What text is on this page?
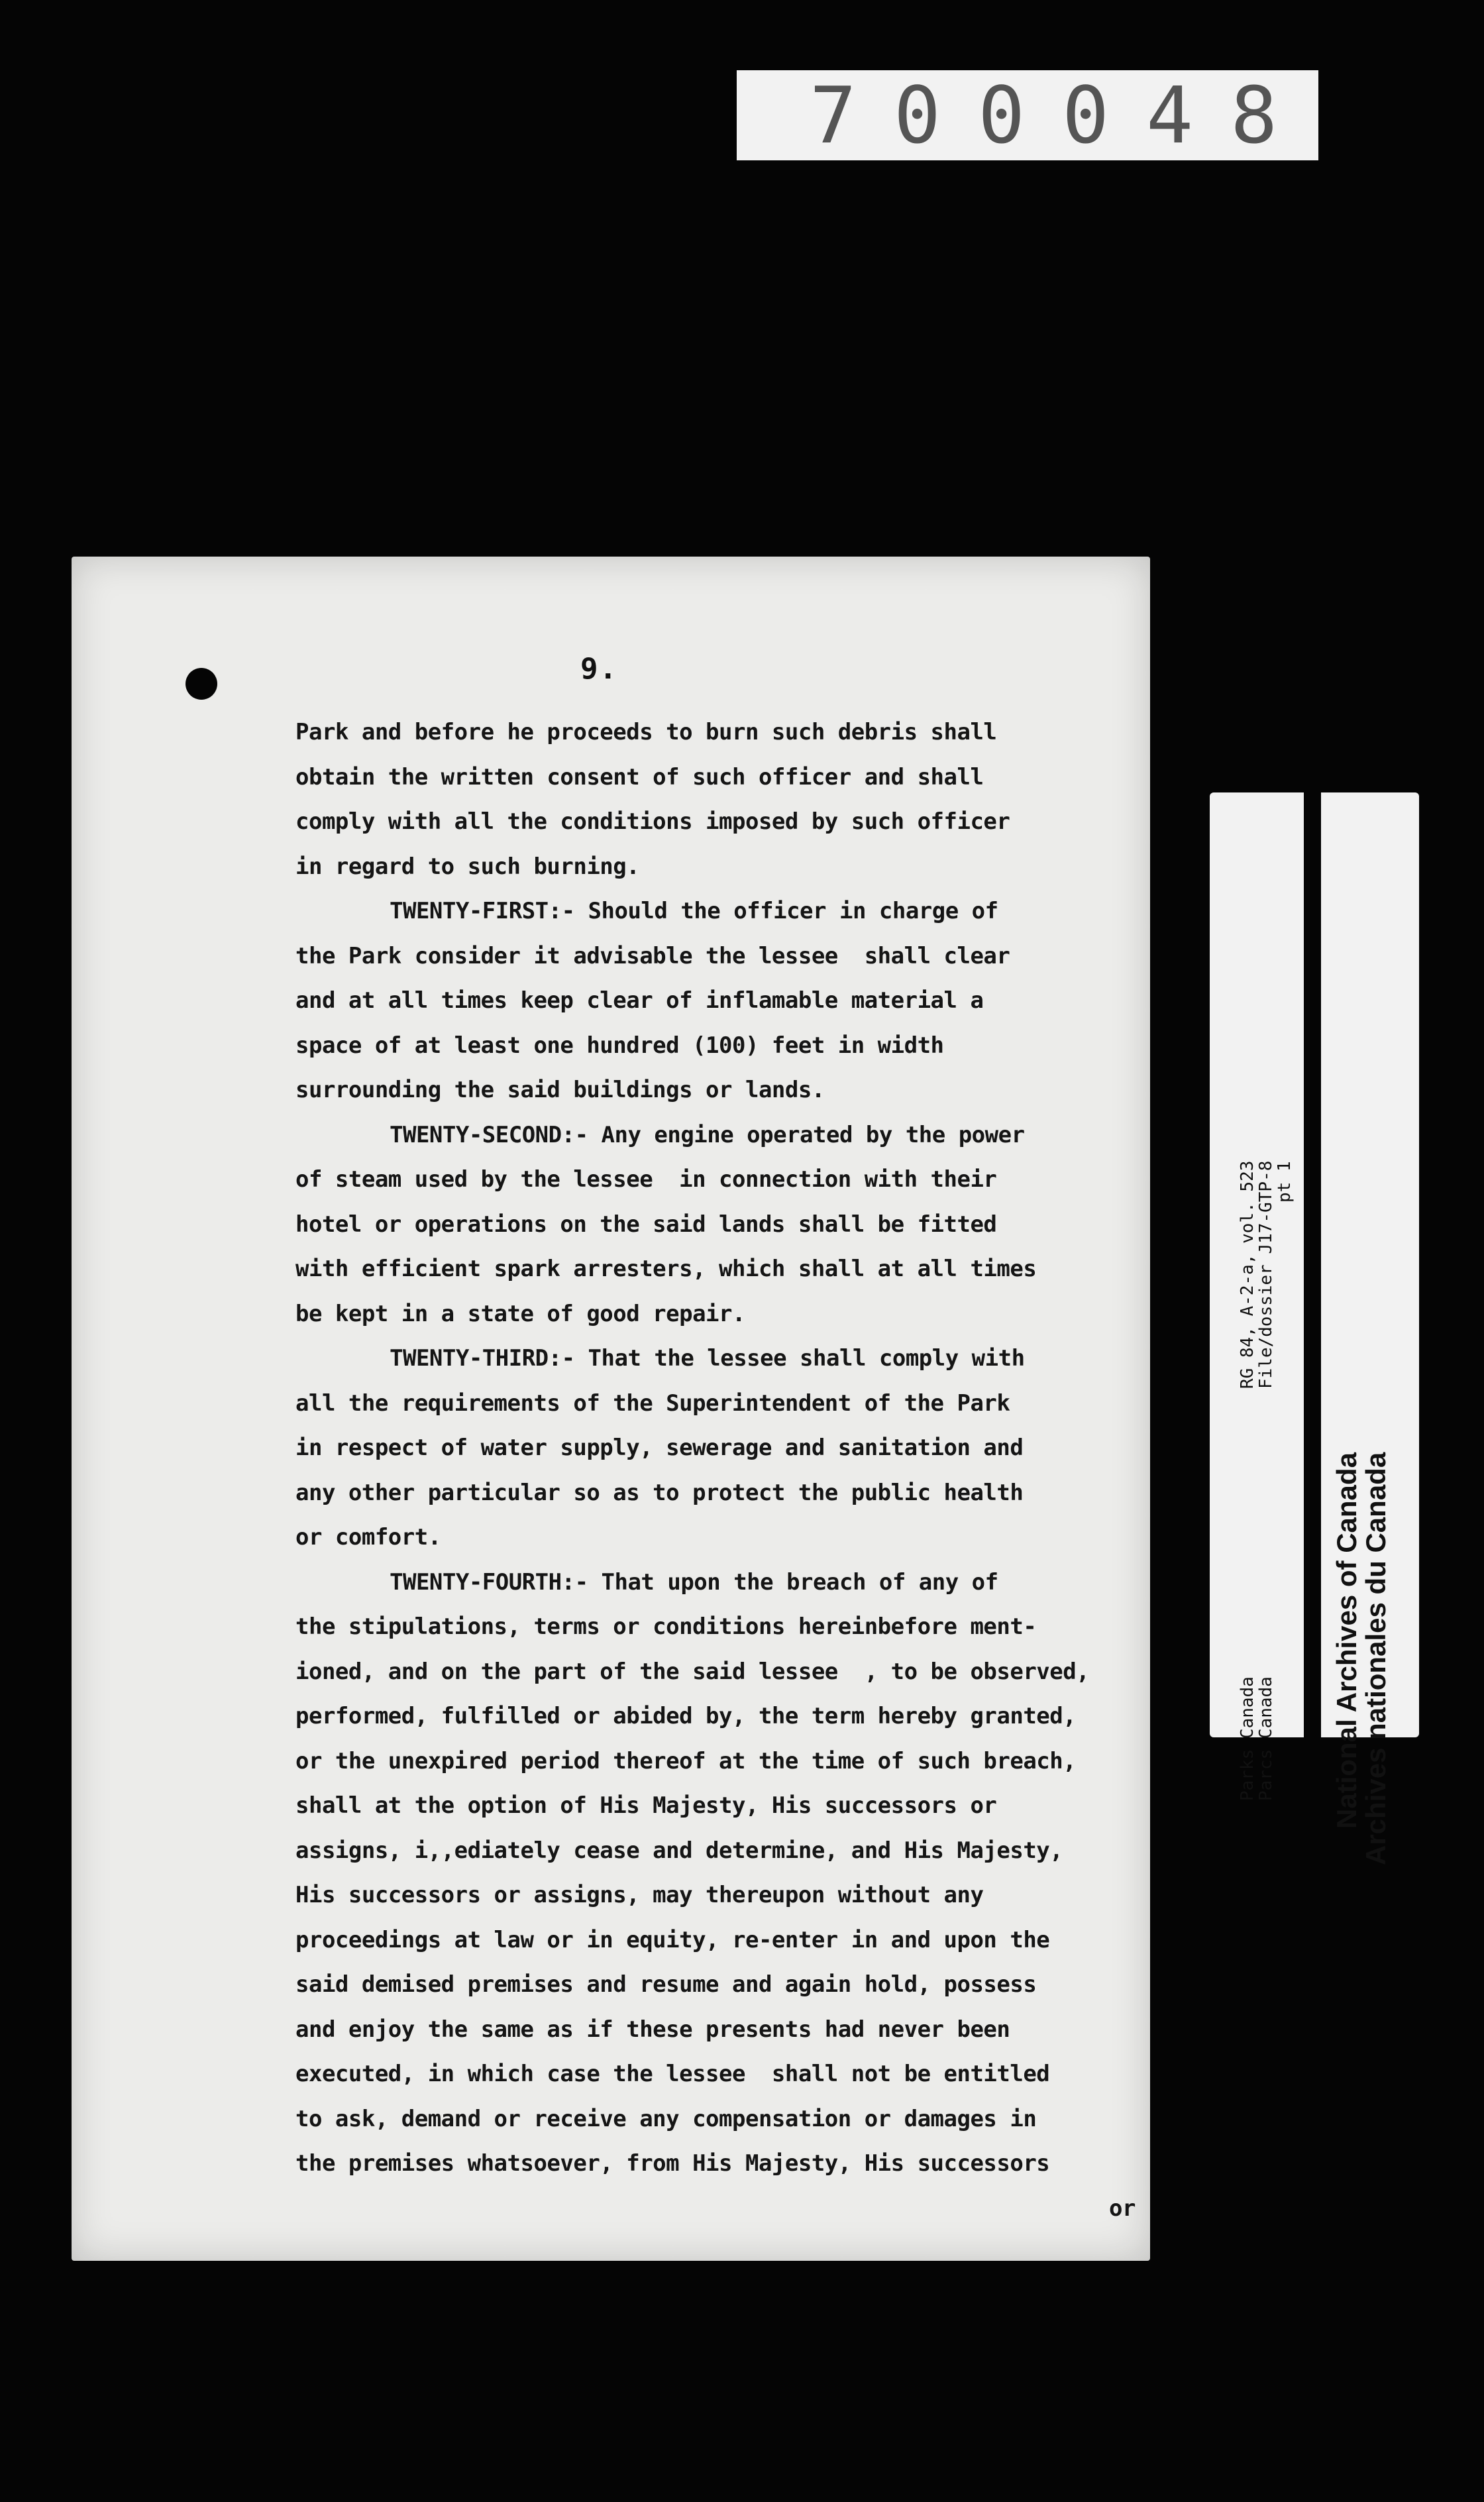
700048
9.
Park and before he proceeds to burn such debris shall
obtain the written consent of such officer and shall
comply with all the conditions imposed by such officer
in regard to such burning.
TWENTY-FIRST:- Should the officer in charge of
the Park consider it advisable the lessee  shall clear
and at all times keep clear of inflamable material a
space of at least one hundred (100) feet in width
surrounding the said buildings or lands.
TWENTY-SECOND:- Any engine operated by the power
of steam used by the lessee  in connection with their
hotel or operations on the said lands shall be fitted
with efficient spark arresters, which shall at all times
be kept in a state of good repair.
TWENTY-THIRD:- That the lessee shall comply with
all the requirements of the Superintendent of the Park
in respect of water supply, sewerage and sanitation and
any other particular so as to protect the public health
or comfort.
TWENTY-FOURTH:- That upon the breach of any of
the stipulations, terms or conditions hereinbefore ment-
ioned, and on the part of the said lessee  , to be observed,
performed, fulfilled or abided by, the term hereby granted,
or the unexpired period thereof at the time of such breach,
shall at the option of His Majesty, His successors or
assigns, i,,ediately cease and determine, and His Majesty,
His successors or assigns, may thereupon without any
proceedings at law or in equity, re-enter in and upon the
said demised premises and resume and again hold, possess
and enjoy the same as if these presents had never been
executed, in which case the lessee  shall not be entitled
to ask, demand or receive any compensation or damages in
the premises whatsoever, from His Majesty, His successors
or
RG 84, A-2-a, vol. 523
File/dossier J17-GTP-8
pt 1
Parks Canada
Parcs Canada National Archives of Canada
Archives nationales du Canada
